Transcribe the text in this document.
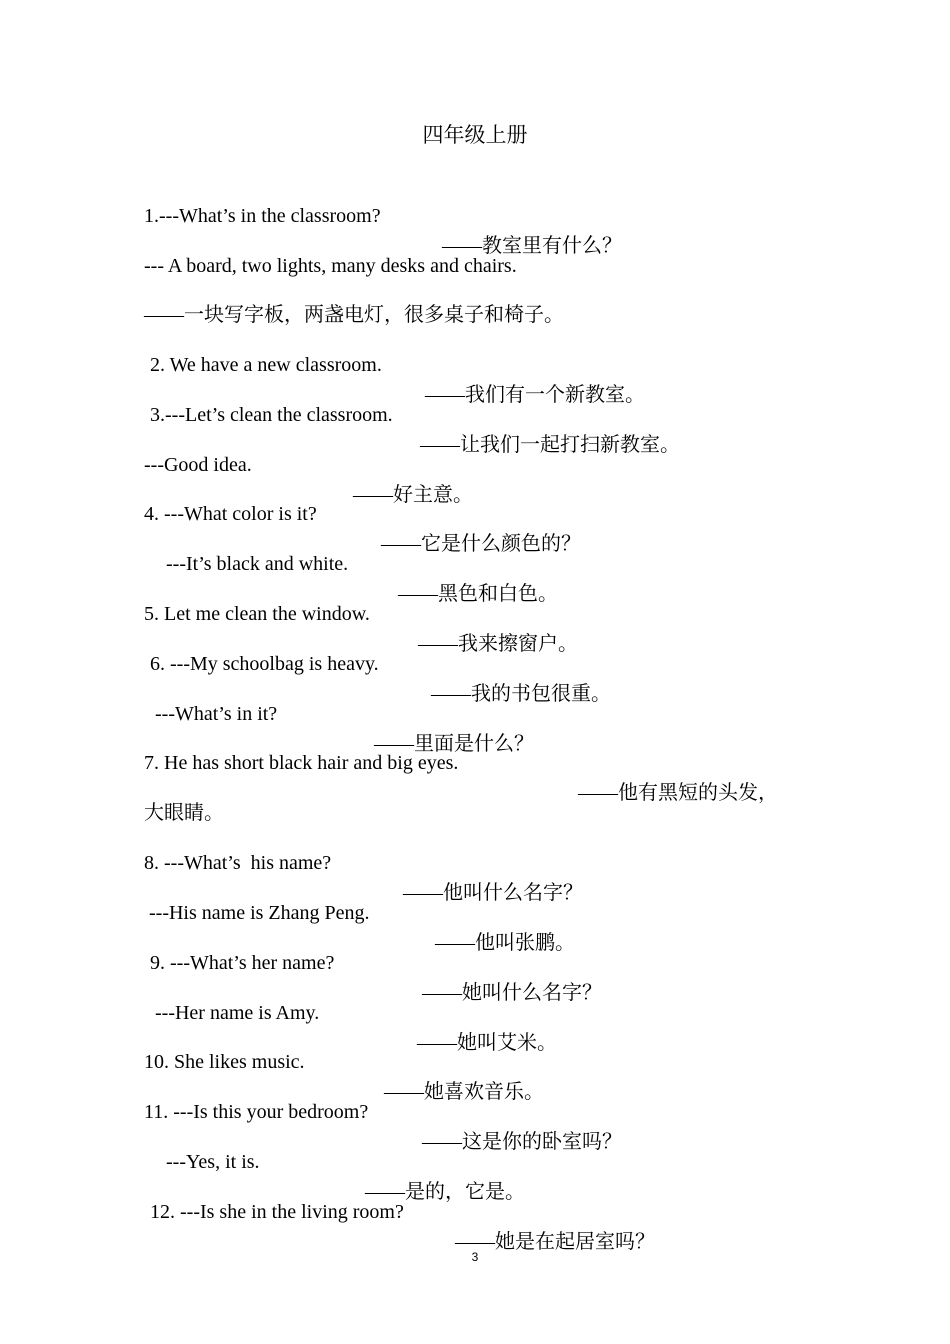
四年级上册

1.---What’s in the classroom?

——教室里有什么？

--- A board, two lights, many desks and chairs.

——一块写字板，两盏电灯，很多桌子和椅子。

2. We have a new classroom.

——我们有一个新教室。

3.---Let’s clean the classroom.

——让我们一起打扫新教室。

---Good idea.

——好主意。

4. ---What color is it?

——它是什么颜色的？

---It’s black and white.

——黑色和白色。

5. Let me clean the window.

——我来擦窗户。

6. ---My schoolbag is heavy.

——我的书包很重。

---What’s in it?

——里面是什么？

7. He has short black hair and big eyes.

——他有黑短的头发，

大眼睛。

8. ---What’s  his name?

——他叫什么名字？

---His name is Zhang Peng.

——他叫张鹏。

9. ---What’s her name?

——她叫什么名字？

---Her name is Amy.

——她叫艾米。

10. She likes music.

——她喜欢音乐。

11. ---Is this your bedroom?

——这是你的卧室吗？

---Yes, it is.

——是的，它是。

12. ---Is she in the living room?

——她是在起居室吗？

3
